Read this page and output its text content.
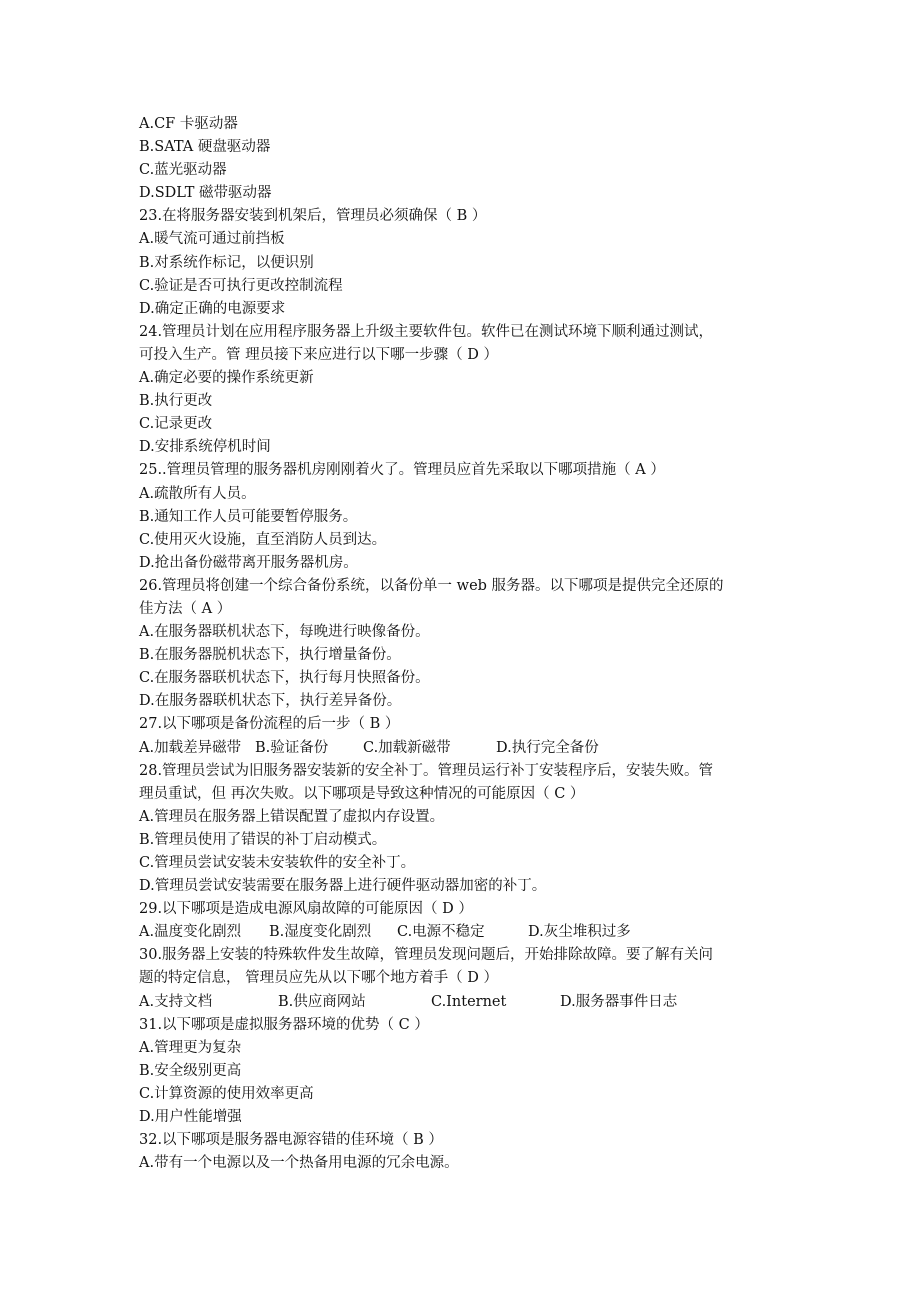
A.CF 卡驱动器
B.SATA 硬盘驱动器
C.蓝光驱动器
D.SDLT 磁带驱动器
23.在将服务器安装到机架后，管理员必须确保（ B ）
A.暖气流可通过前挡板
B.对系统作标记，以便识别
C.验证是否可执行更改控制流程
D.确定正确的电源要求
24.管理员计划在应用程序服务器上升级主要软件包。软件已在测试环境下顺利通过测试，
可投入生产。管 理员接下来应进行以下哪一步骤（ D ）
A.确定必要的操作系统更新
B.执行更改
C.记录更改
D.安排系统停机时间
25..管理员管理的服务器机房刚刚着火了。管理员应首先采取以下哪项措施（ A ）
A.疏散所有人员。
B.通知工作人员可能要暂停服务。
C.使用灭火设施，直至消防人员到达。
D.抢出备份磁带离开服务器机房。
26.管理员将创建一个综合备份系统，以备份单一 web 服务器。以下哪项是提供完全还原的
佳方法（ A ）
A.在服务器联机状态下，每晚进行映像备份。
B.在服务器脱机状态下，执行增量备份。
C.在服务器联机状态下，执行每月快照备份。
D.在服务器联机状态下，执行差异备份。
27.以下哪项是备份流程的后一步（ B ）

A.加载差异磁带

B.验证备份

C.加载新磁带

	D.执行完全备份

28.管理员尝试为旧服务器安装新的安全补丁。管理员运行补丁安装程序后，安装失败。管
理员重试，但 再次失败。以下哪项是导致这种情况的可能原因（ C ）
A.管理员在服务器上错误配置了虚拟内存设置。
B.管理员使用了错误的补丁启动模式。
C.管理员尝试安装未安装软件的安全补丁。
D.管理员尝试安装需要在服务器上进行硬件驱动器加密的补丁。
29.以下哪项是造成电源风扇故障的可能原因（ D ）

A.温度变化剧烈

B.湿度变化剧烈

C.电源不稳定

	D.灰尘堆积过多

30.服务器上安装的特殊软件发生故障，管理员发现问题后，开始排除故障。要了解有关问
题的特定信息， 管理员应先从以下哪个地方着手（ D ）

A.支持文档

	B.供应商网站

	C.Internet

	D.服务器事件日志

31.以下哪项是虚拟服务器环境的优势（ C ）
A.管理更为复杂
B.安全级别更高
C.计算资源的使用效率更高
D.用户性能增强
32.以下哪项是服务器电源容错的佳环境（ B ）
A.带有一个电源以及一个热备用电源的冗余电源。
